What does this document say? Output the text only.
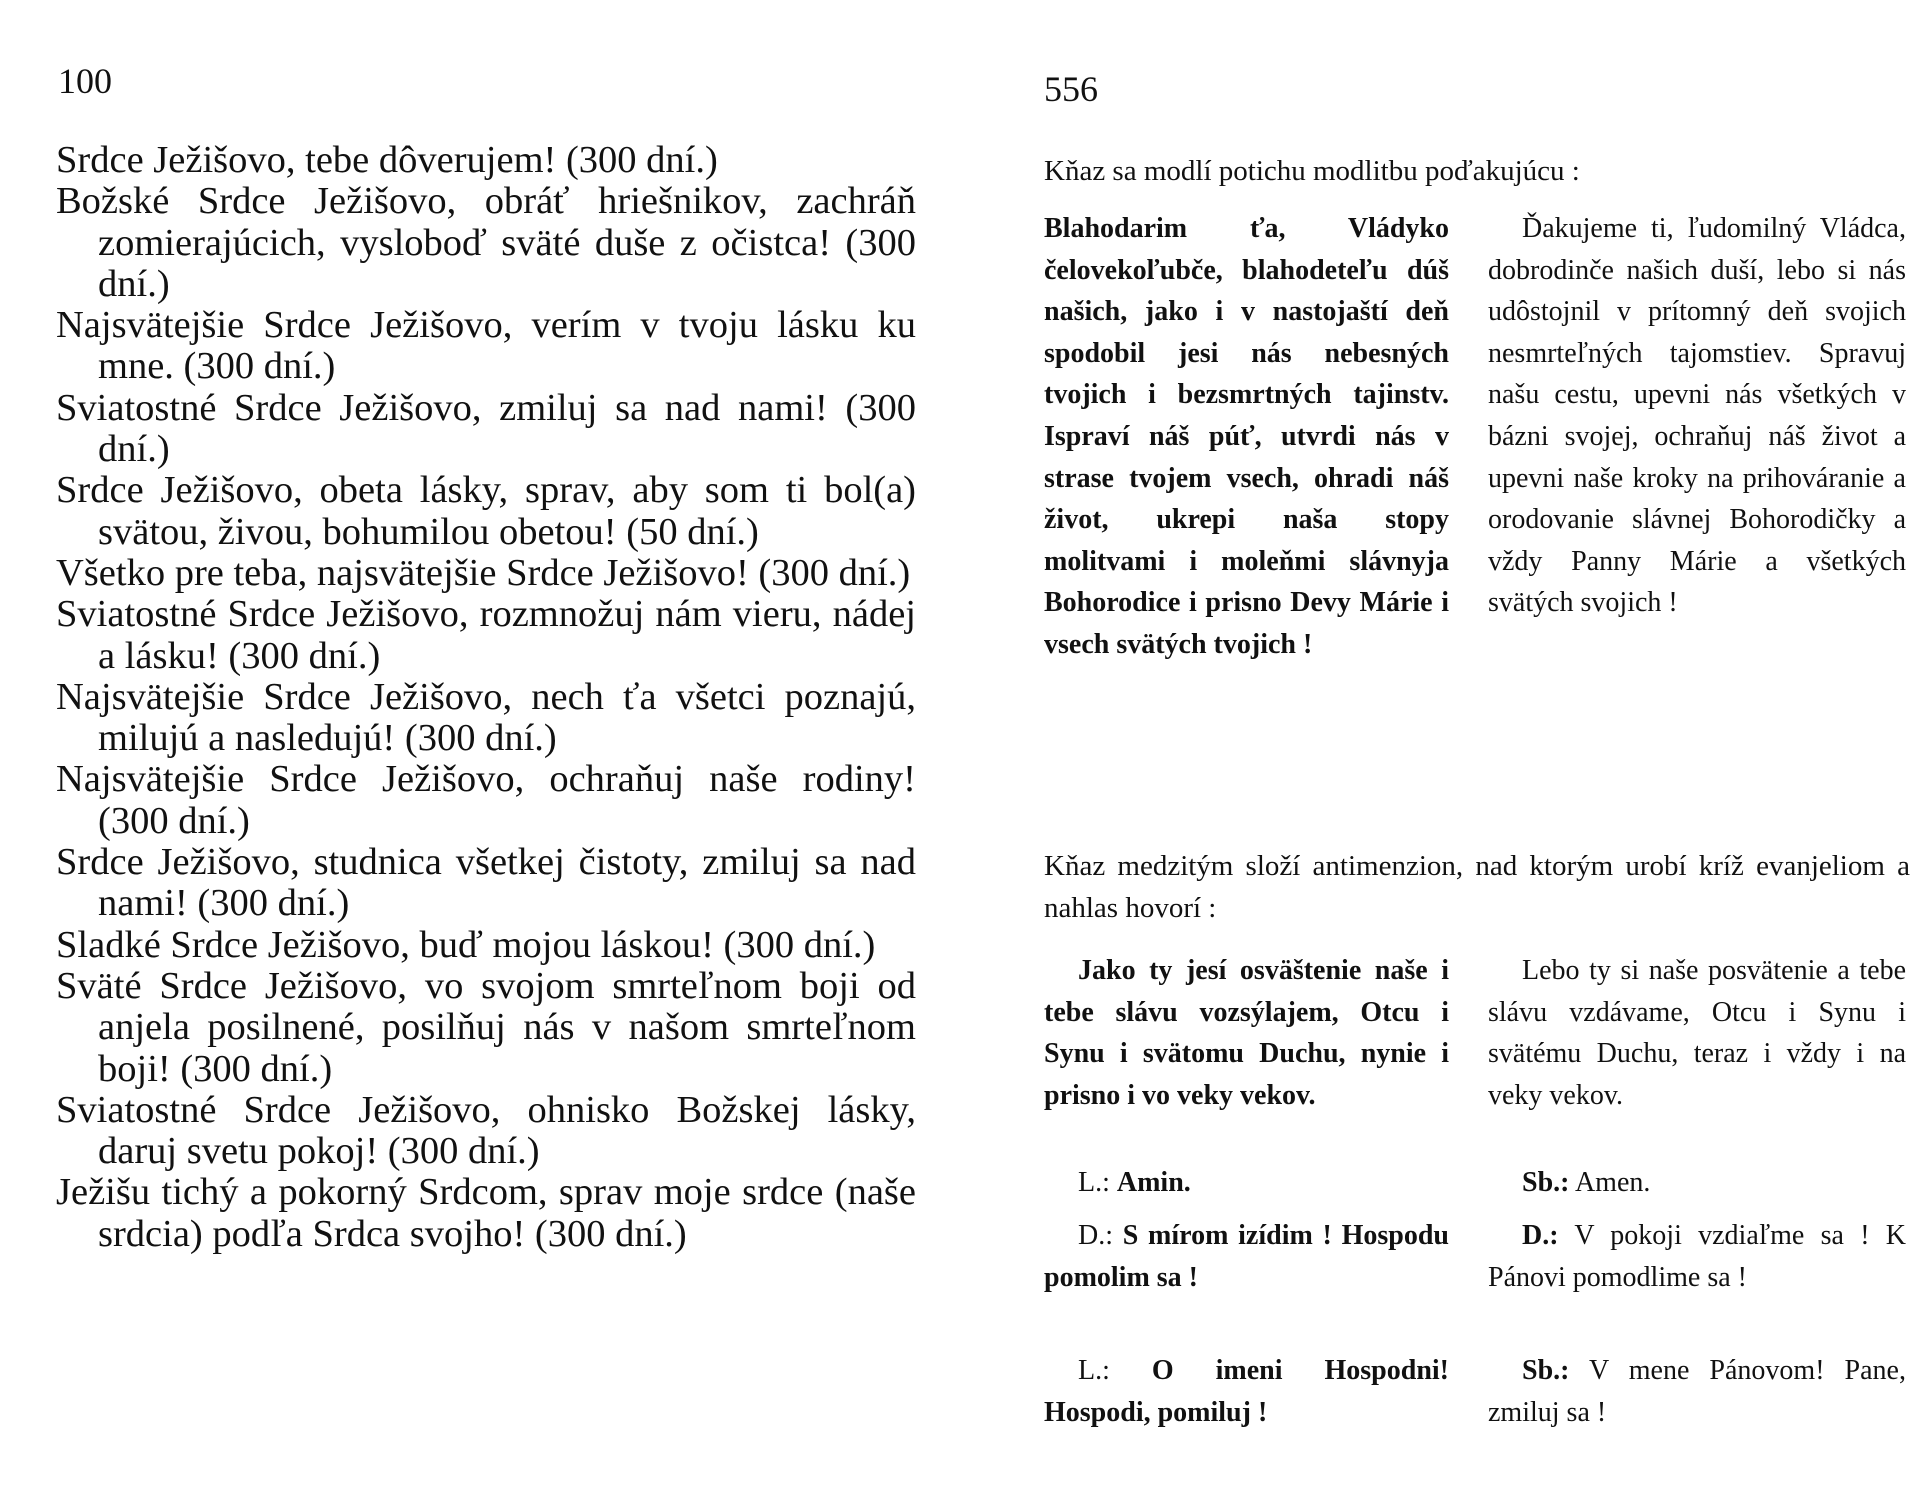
100
Srdce Ježišovo, tebe dôverujem! (300 dní.)
Božské Srdce Ježišovo, obráť hriešnikov, zachráň zomierajúcich, vysloboď sväté duše z očistca! (300 dní.)
Najsvätejšie Srdce Ježišovo, verím v tvoju lásku ku mne. (300 dní.)
Sviatostné Srdce Ježišovo, zmiluj sa nad nami! (300 dní.)
Srdce Ježišovo, obeta lásky, sprav, aby som ti bol(a) svätou, živou, bohumilou obetou! (50 dní.)
Všetko pre teba, najsvätejšie Srdce Ježišovo! (300 dní.)
Sviatostné Srdce Ježišovo, rozmnožuj nám vieru, nádej a lásku! (300 dní.)
Najsvätejšie Srdce Ježišovo, nech ťa všetci poznajú, milujú a nasledujú! (300 dní.)
Najsvätejšie Srdce Ježišovo, ochraňuj naše rodiny! (300 dní.)
Srdce Ježišovo, studnica všetkej čistoty, zmiluj sa nad nami! (300 dní.)
Sladké Srdce Ježišovo, buď mojou láskou! (300 dní.)
Sväté Srdce Ježišovo, vo svojom smrteľnom boji od anjela posilnené, posilňuj nás v našom smrteľnom boji! (300 dní.)
Sviatostné Srdce Ježišovo, ohnisko Božskej lásky, daruj svetu pokoj! (300 dní.)
Ježišu tichý a pokorný Srdcom, sprav moje srdce (naše srdcia) podľa Srdca svojho! (300 dní.)
556
Kňaz sa modlí potichu modlitbu poďakujúcu :
Blahodarim ťa, Vládyko čelovekoľubče, blahodeteľu dúš našich, jako i v nastojaští deň spodobil jesi nás nebesných tvojich i bezsmrtných tajinstv. Ispraví náš púť, utvrdi nás v strase tvojem vsech, ohradi náš život, ukrepi naša stopy molitvami i moleňmi slávnyja Bohorodice i prisno Devy Márie i vsech svätých tvojich !
Ďakujeme ti, ľudomilný Vládca, dobrodinče našich duší, lebo si nás udôstojnil v prítomný deň svojich nesmrteľných tajomstiev. Spravuj našu cestu, upevni nás všetkých v bázni svojej, ochraňuj náš život a upevni naše kroky na prihováranie a orodovanie slávnej Bohorodičky a vždy Panny Márie a všetkých svätých svojich !
Kňaz medzitým složí antimenzion, nad ktorým urobí kríž evanjeliom a nahlas hovorí :
Jako ty jesí osväštenie naše i tebe slávu vozsýlajem, Otcu i Synu i svätomu Duchu, nynie i prisno i vo veky vekov.
Lebo ty si naše posvätenie a tebe slávu vzdávame, Otcu i Synu i svätému Duchu, teraz i vždy i na veky vekov.
L.: Amin.	Sb.: Amen.
D.: S mírom izídim ! Hospodu pomolim sa !
D.: V pokoji vzdiaľme sa ! K Pánovi pomodlime sa !
L.: O imeni Hospodni! Hospodi, pomiluj !
Sb.: V mene Pánovom! Pane, zmiluj sa !
